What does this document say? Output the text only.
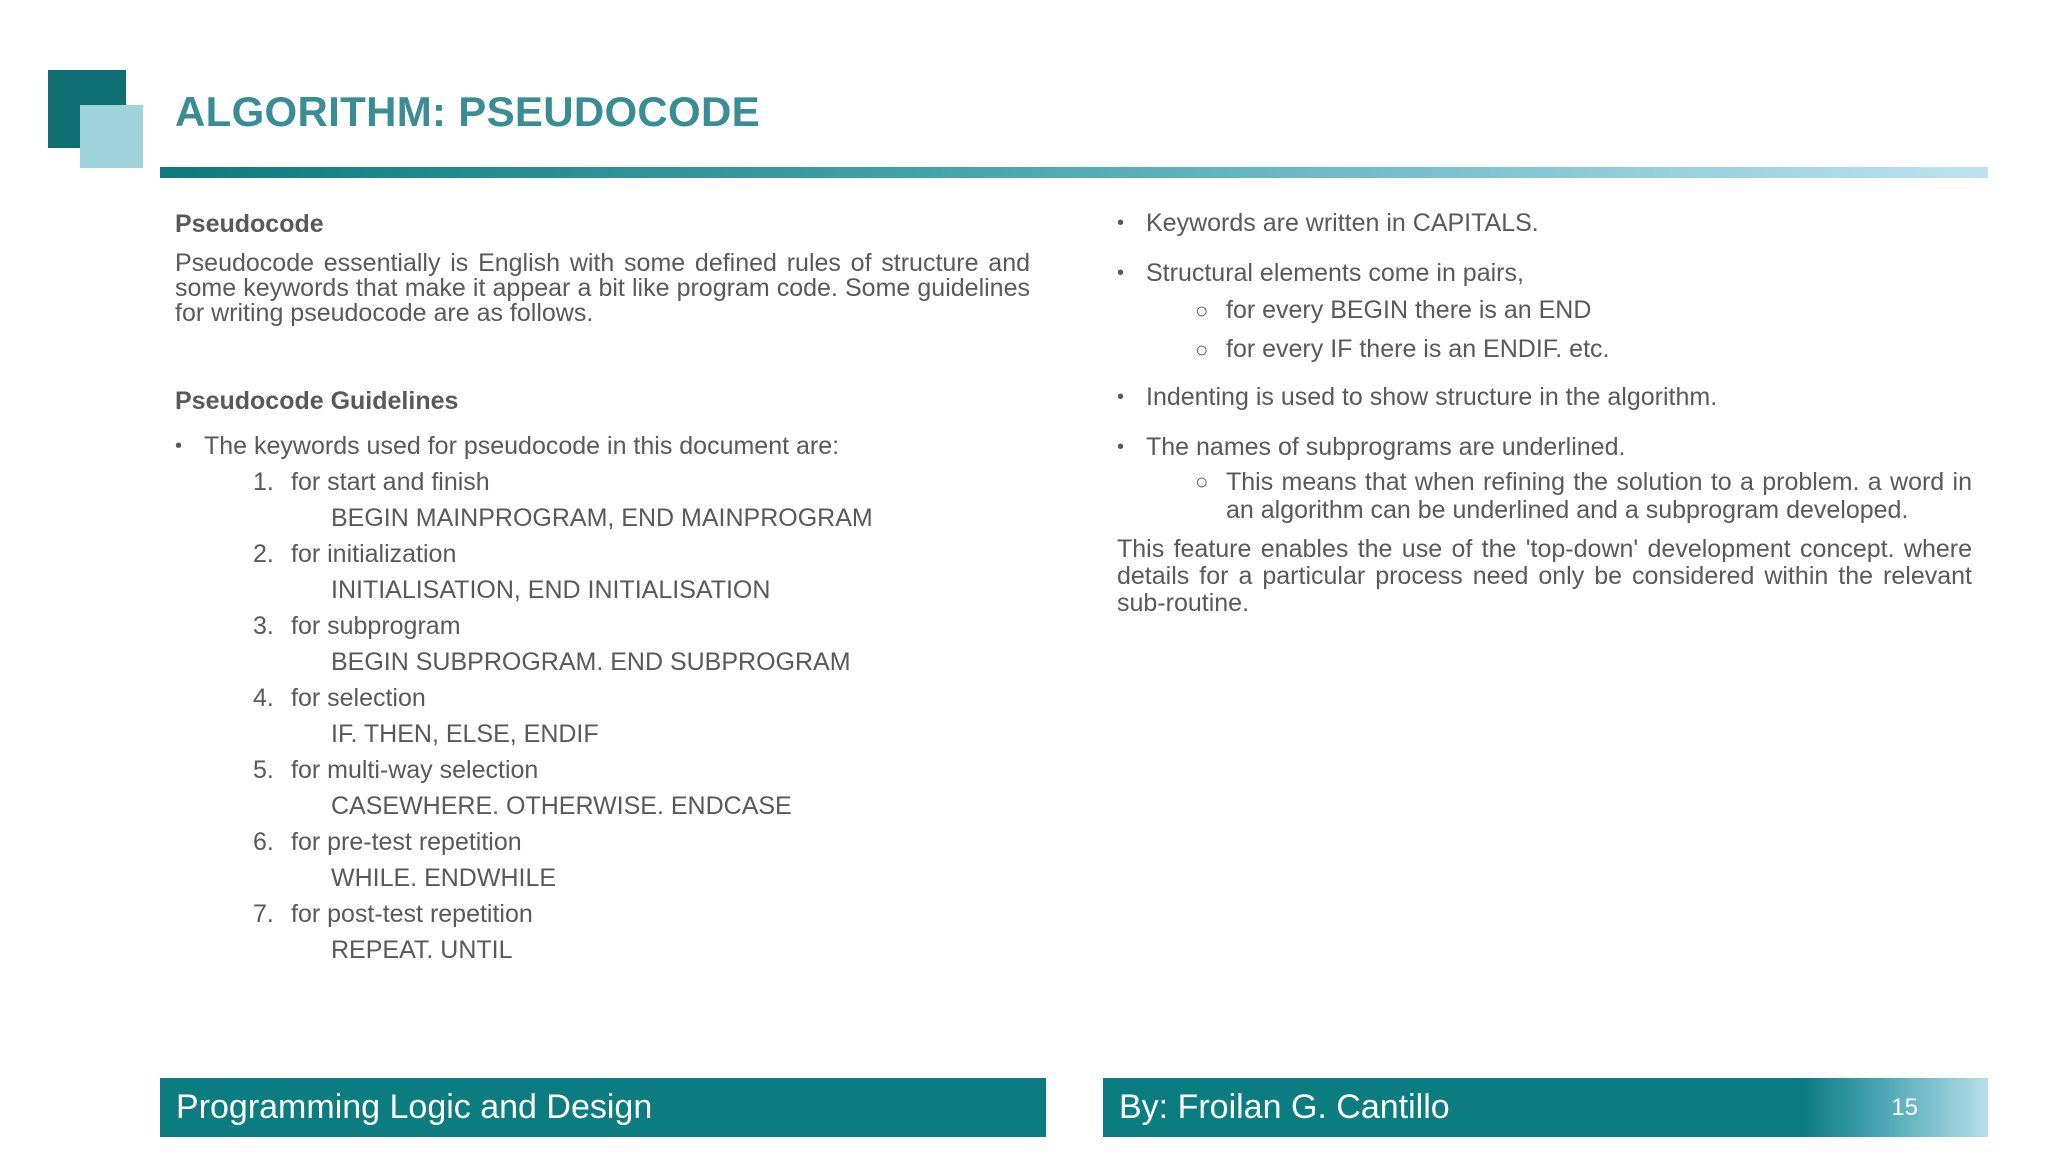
ALGORITHM: PSEUDOCODE

Pseudocode

Pseudocode essentially is English with some defined rules of structure and some keywords that make it appear a bit like program code. Some guidelines for writing pseudocode are as follows.

Pseudocode Guidelines

• The keywords used for pseudocode in this document are:
1. for start and finish
BEGIN MAINPROGRAM, END MAINPROGRAM
2. for initialization
INITIALISATION, END INITIALISATION
3. for subprogram
BEGIN SUBPROGRAM. END SUBPROGRAM
4. for selection
IF. THEN, ELSE, ENDIF
5. for multi-way selection
CASEWHERE. OTHERWISE. ENDCASE
6. for pre-test repetition
WHILE. ENDWHILE
7. for post-test repetition
REPEAT. UNTIL
• Keywords are written in CAPITALS.
• Structural elements come in pairs,
○ for every BEGIN there is an END
○ for every IF there is an ENDIF. etc.
• Indenting is used to show structure in the algorithm.
• The names of subprograms are underlined.
○ This means that when refining the solution to a problem. a word in an algorithm can be underlined and a subprogram developed.

This feature enables the use of the 'top-down' development concept. where details for a particular process need only be considered within the relevant sub-routine.

Programming Logic and Design	By: Froilan G. Cantillo	15
